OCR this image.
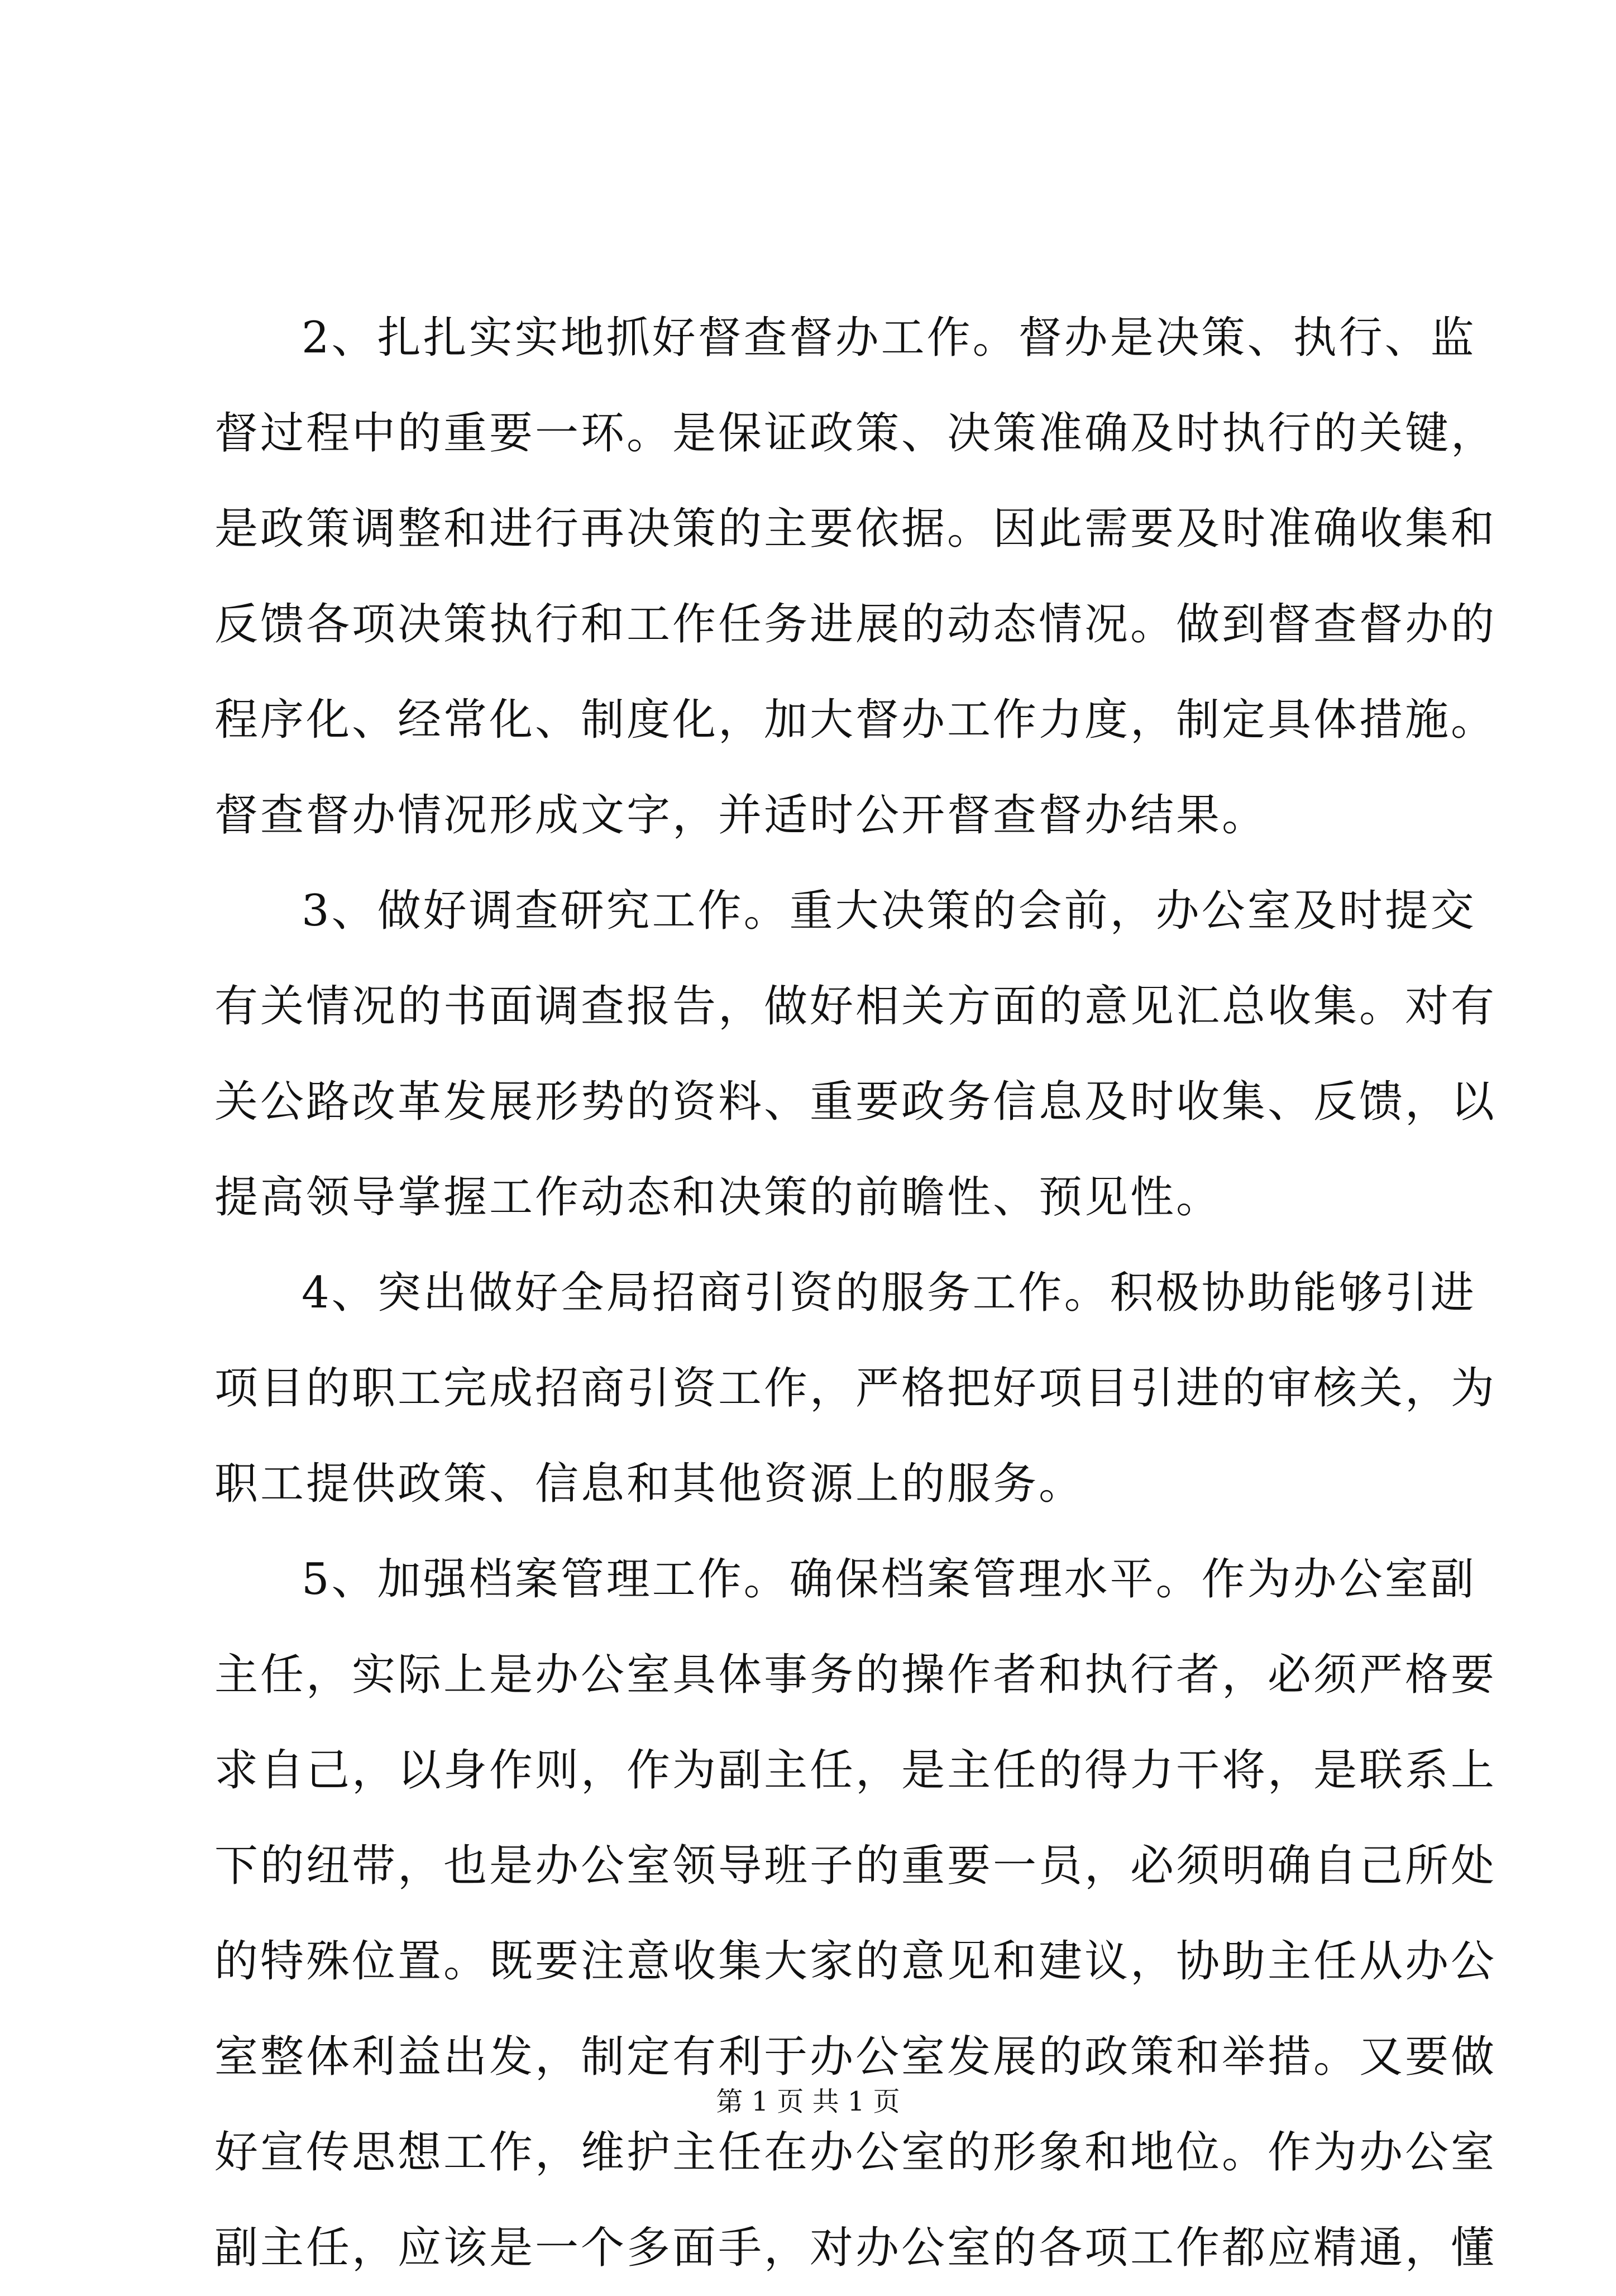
2、扎扎实实地抓好督查督办工作。督办是决策、执行、监
督过程中的重要一环。是保证政策、决策准确及时执行的关键，
是政策调整和进行再决策的主要依据。因此需要及时准确收集和
反馈各项决策执行和工作任务进展的动态情况。做到督查督办的
程序化、经常化、制度化，加大督办工作力度，制定具体措施。
督查督办情况形成文字，并适时公开督查督办结果。
3、做好调查研究工作。重大决策的会前，办公室及时提交
有关情况的书面调查报告，做好相关方面的意见汇总收集。对有
关公路改革发展形势的资料、重要政务信息及时收集、反馈，以
提高领导掌握工作动态和决策的前瞻性、预见性。
4、突出做好全局招商引资的服务工作。积极协助能够引进
项目的职工完成招商引资工作，严格把好项目引进的审核关，为
职工提供政策、信息和其他资源上的服务。
5、加强档案管理工作。确保档案管理水平。作为办公室副
主任，实际上是办公室具体事务的操作者和执行者，必须严格要
求自己，以身作则，作为副主任，是主任的得力干将，是联系上
下的纽带，也是办公室领导班子的重要一员，必须明确自己所处
的特殊位置。既要注意收集大家的意见和建议，协助主任从办公
室整体利益出发，制定有利于办公室发展的政策和举措。又要做
好宣传思想工作，维护主任在办公室的形象和地位。作为办公室
副主任，应该是一个多面手，对办公室的各项工作都应精通，懂
第 1 页 共 1 页
